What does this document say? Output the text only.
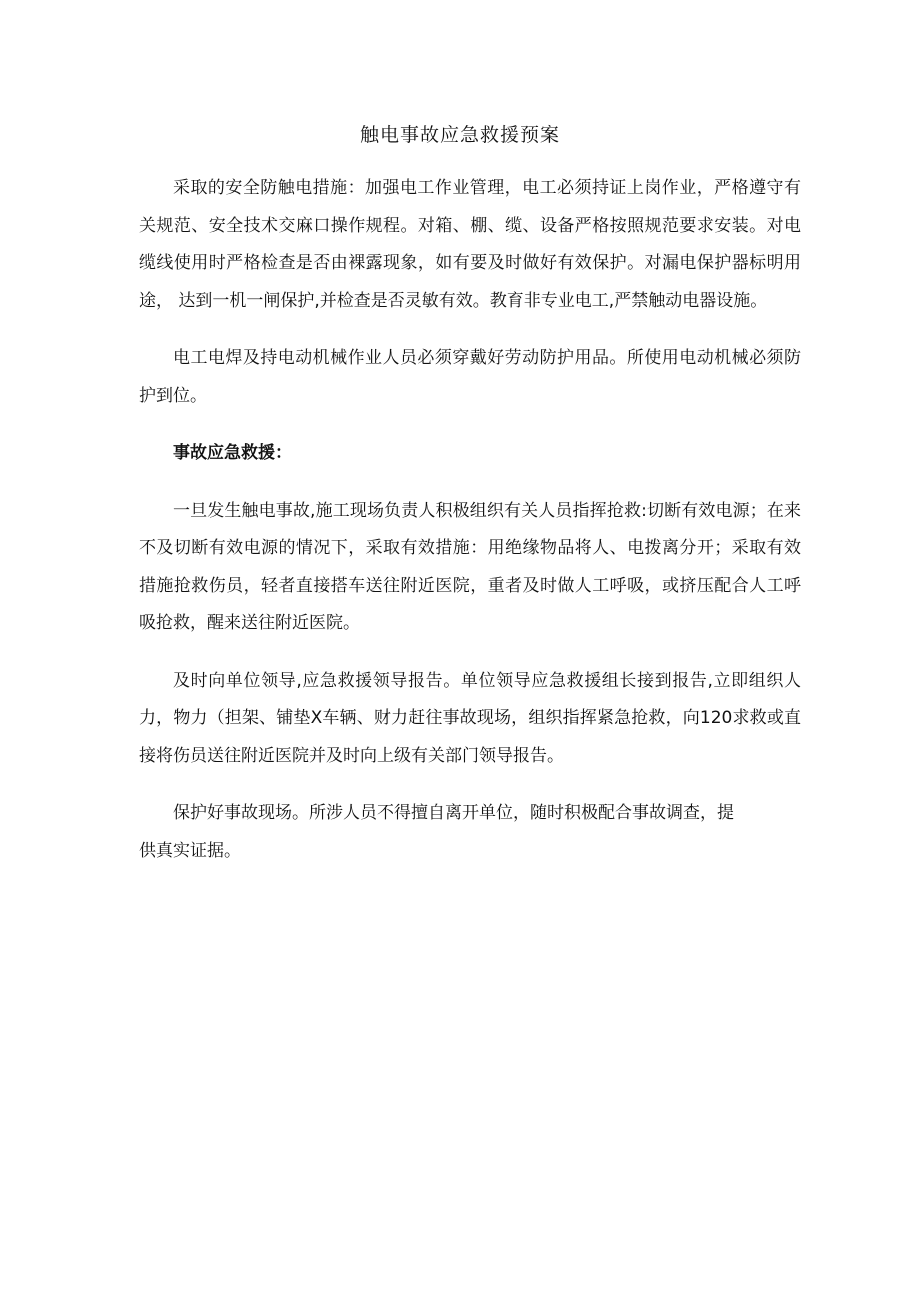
触电事故应急救援预案

采取的安全防触电措施：加强电工作业管理，电工必须持证上岗作业，严格遵守有关规范、安全技术交麻口操作规程。对箱、棚、缆、设备严格按照规范要求安装。对电缆线使用时严格检查是否由裸露现象，如有要及时做好有效保护。对漏电保护器标明用途， 达到一机一闸保护,并检查是否灵敏有效。教育非专业电工,严禁触动电器设施。

电工电焊及持电动机械作业人员必须穿戴好劳动防护用品。所使用电动机械必须防护到位。

事故应急救援：

一旦发生触电事故,施工现场负责人积极组织有关人员指挥抢救:切断有效电源；在来不及切断有效电源的情况下，采取有效措施：用绝缘物品将人、电拨离分开；采取有效措施抢救伤员，轻者直接搭车送往附近医院，重者及时做人工呼吸，或挤压配合人工呼吸抢救，醒来送往附近医院。

及时向单位领导,应急救援领导报告。单位领导应急救援组长接到报告,立即组织人力，物力（担架、铺垫X车辆、财力赶往事故现场，组织指挥紧急抢救，向120求救或直接将伤员送往附近医院并及时向上级有关部门领导报告。

保护好事故现场。所涉人员不得擅自离开单位，随时积极配合事故调查，提供真实证据。
